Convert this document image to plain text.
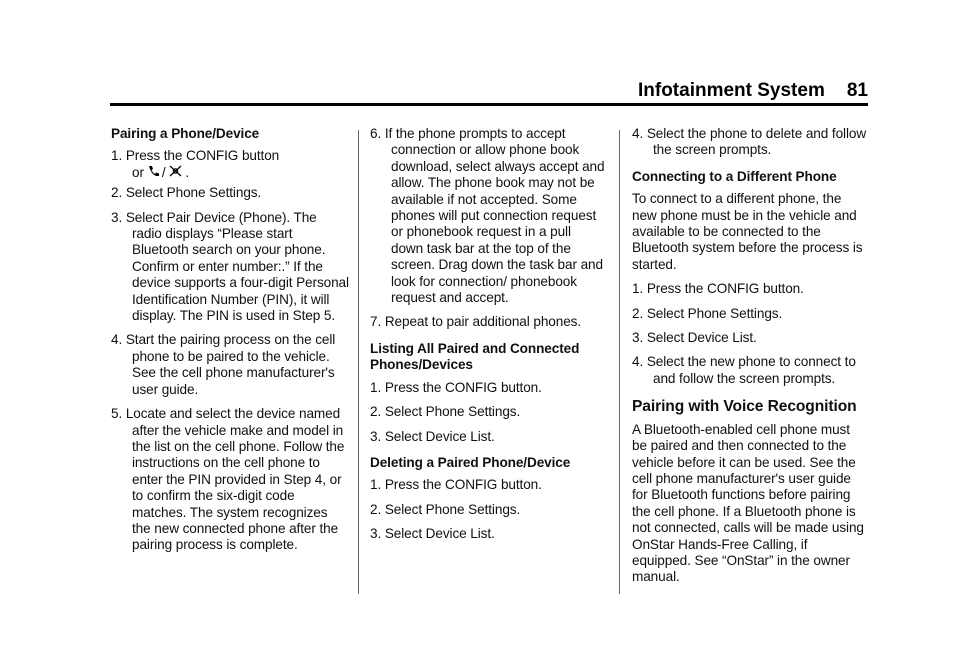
Infotainment System 81
Pairing a Phone/Device
1. Press the CONFIG button
or / .
2. Select Phone Settings.
3. Select Pair Device (Phone). The radio displays “Please start Bluetooth search on your phone. Confirm or enter number:.” If the device supports a four-digit Personal Identification Number (PIN), it will display. The PIN is used in Step 5.
4. Start the pairing process on the cell phone to be paired to the vehicle. See the cell phone manufacturer's user guide.
5. Locate and select the device named after the vehicle make and model in the list on the cell phone. Follow the instructions on the cell phone to enter the PIN provided in Step 4, or to confirm the six-digit code matches. The system recognizes the new connected phone after the pairing process is complete.
6. If the phone prompts to accept connection or allow phone book download, select always accept and allow. The phone book may not be available if not accepted. Some phones will put connection request or phonebook request in a pull down task bar at the top of the screen. Drag down the task bar and look for connection/ phonebook request and accept.
7. Repeat to pair additional phones.
Listing All Paired and Connected Phones/Devices
1. Press the CONFIG button.
2. Select Phone Settings.
3. Select Device List.
Deleting a Paired Phone/Device
1. Press the CONFIG button.
2. Select Phone Settings.
3. Select Device List.
4. Select the phone to delete and follow the screen prompts.
Connecting to a Different Phone
To connect to a different phone, the new phone must be in the vehicle and available to be connected to the Bluetooth system before the process is started.
1. Press the CONFIG button.
2. Select Phone Settings.
3. Select Device List.
4. Select the new phone to connect to and follow the screen prompts.
Pairing with Voice Recognition
A Bluetooth-enabled cell phone must be paired and then connected to the vehicle before it can be used. See the cell phone manufacturer's user guide for Bluetooth functions before pairing the cell phone. If a Bluetooth phone is not connected, calls will be made using OnStar Hands-Free Calling, if equipped. See “OnStar” in the owner manual.
